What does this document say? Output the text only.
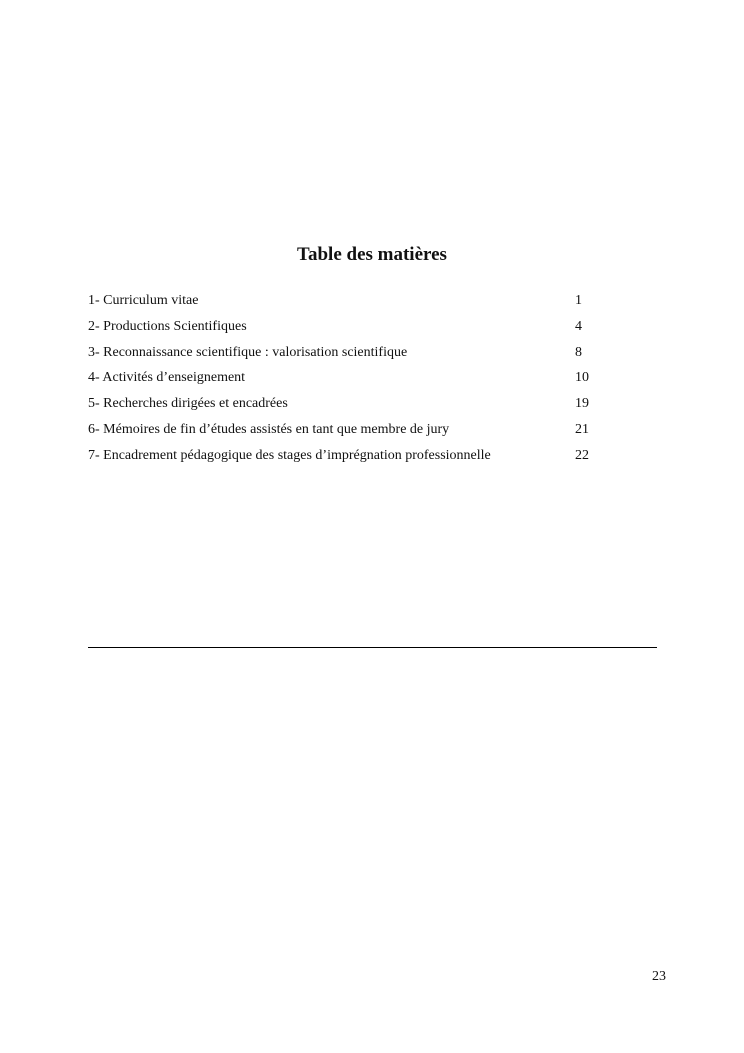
Table des matières
1- Curriculum vitae	1
2- Productions Scientifiques	4
3- Reconnaissance scientifique : valorisation scientifique	8
4- Activités d’enseignement	10
5- Recherches dirigées et encadrées	19
6- Mémoires de fin d’études assistés en tant que membre de jury	21
7- Encadrement pédagogique des stages d’imprégnation professionnelle	22
23
